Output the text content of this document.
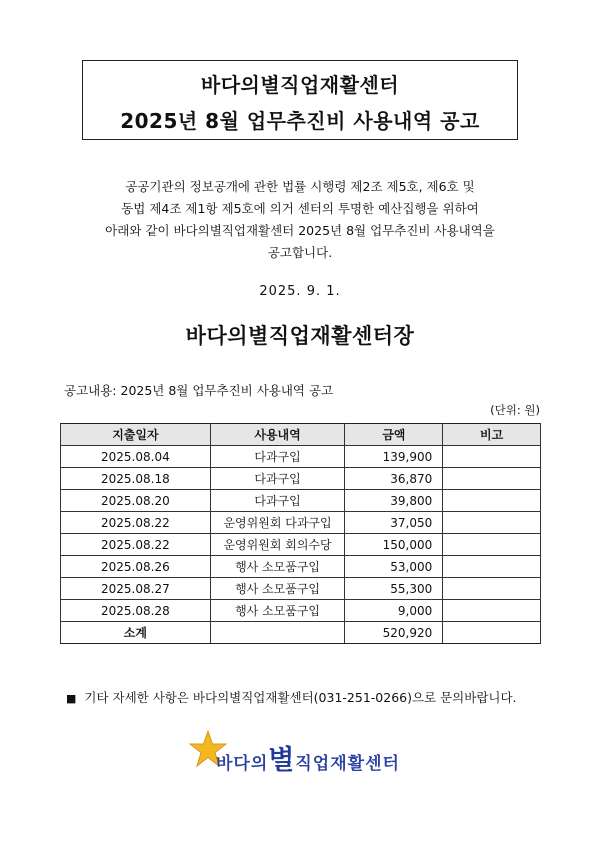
바다의별직업재활센터
2025년 8월 업무추진비 사용내역 공고
공공기관의 정보공개에 관한 법률 시행령 제2조 제5호, 제6호 및
동법 제4조 제1항 제5호에 의거 센터의 투명한 예산집행을 위하여
아래와 같이 바다의별직업재활센터 2025년 8월 업무추진비 사용내역을
공고합니다.
2025. 9. 1.
바다의별직업재활센터장
공고내용: 2025년 8월 업무추진비 사용내역 공고
(단위: 원)
지출일자	사용내역	금액	비고
2025.08.04	다과구입	139,900	
2025.08.18	다과구입	36,870	
2025.08.20	다과구입	39,800	
2025.08.22	운영위원회 다과구입	37,050	
2025.08.22	운영위원회 회의수당	150,000	
2025.08.26	행사 소모품구입	53,000	
2025.08.27	행사 소모품구입	55,300	
2025.08.28	행사 소모품구입	9,000	
소계		520,920	
■ 기타 자세한 사항은 바다의별직업재활센터(031-251-0266)으로 문의바랍니다.
바다의별직업재활센터
